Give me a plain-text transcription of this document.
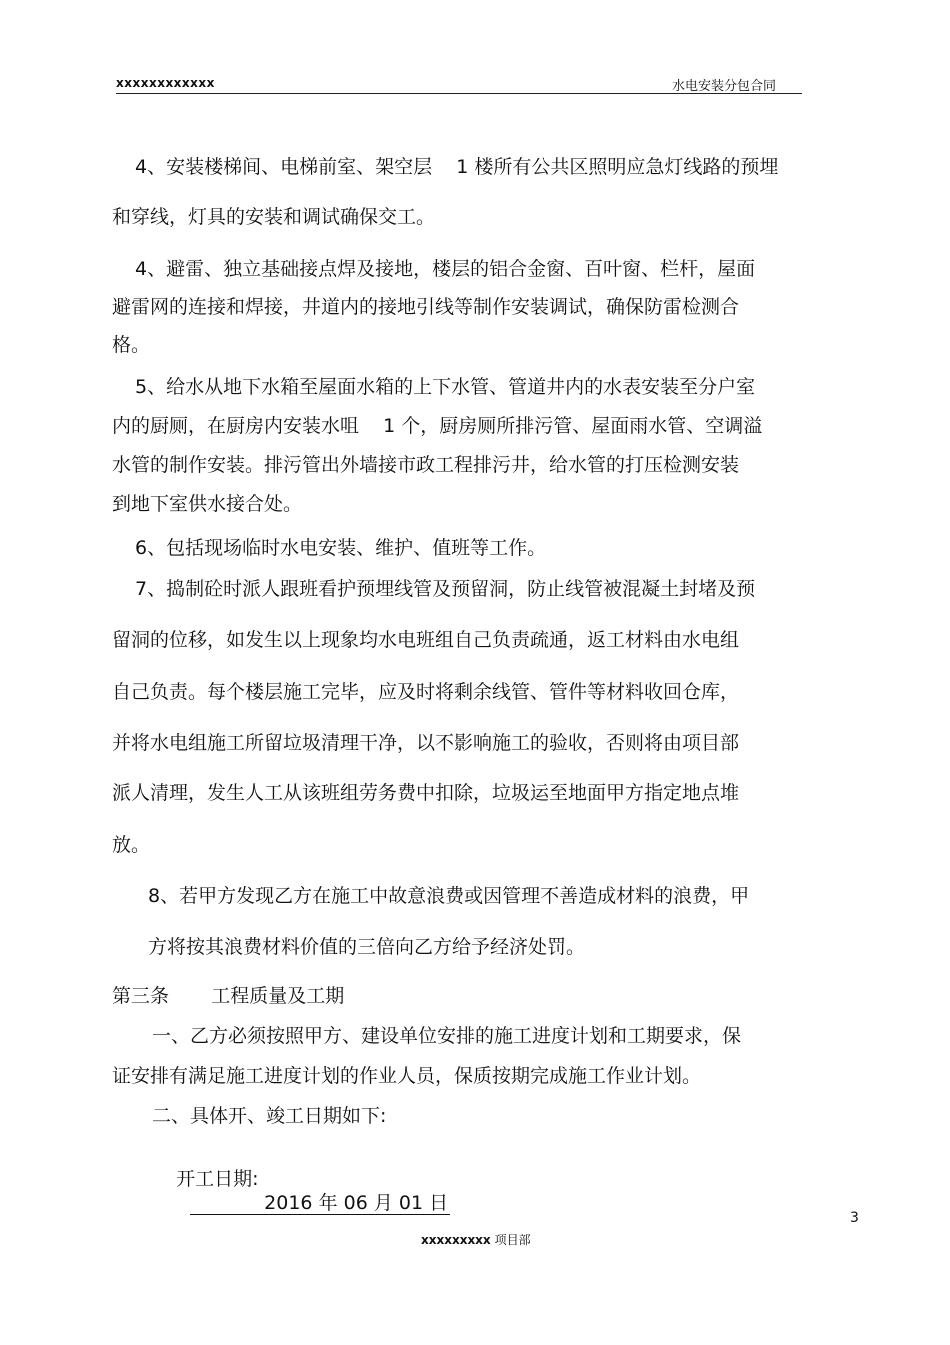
xxxxxxxxxxxx	水电安装分包合同
4、安装楼梯间、电梯前室、架空层    1 楼所有公共区照明应急灯线路的预埋
和穿线，灯具的安装和调试确保交工。
4、避雷、独立基础接点焊及接地，楼层的铝合金窗、百叶窗、栏杆，屋面
避雷网的连接和焊接，井道内的接地引线等制作安装调试，确保防雷检测合
格。
5、给水从地下水箱至屋面水箱的上下水管、管道井内的水表安装至分户室
内的厨厕，在厨房内安装水咀    1 个，厨房厕所排污管、屋面雨水管、空调溢
水管的制作安装。排污管出外墙接市政工程排污井，给水管的打压检测安装
到地下室供水接合处。
6、包括现场临时水电安装、维护、值班等工作。
7、捣制砼时派人跟班看护预埋线管及预留洞，防止线管被混凝土封堵及预
留洞的位移，如发生以上现象均水电班组自己负责疏通，返工材料由水电组
自己负责。每个楼层施工完毕，应及时将剩余线管、管件等材料收回仓库，
并将水电组施工所留垃圾清理干净，以不影响施工的验收，否则将由项目部
派人清理，发生人工从该班组劳务费中扣除，垃圾运至地面甲方指定地点堆
放。
8、若甲方发现乙方在施工中故意浪费或因管理不善造成材料的浪费，甲
方将按其浪费材料价值的三倍向乙方给予经济处罚。
第三条       工程质量及工期
一、乙方必须按照甲方、建设单位安排的施工进度计划和工期要求，保
证安排有满足施工进度计划的作业人员，保质按期完成施工作业计划。
二、具体开、竣工日期如下:

开工日期:
2016 年 06 月 01 日

3
xxxxxxxxx 项目部
